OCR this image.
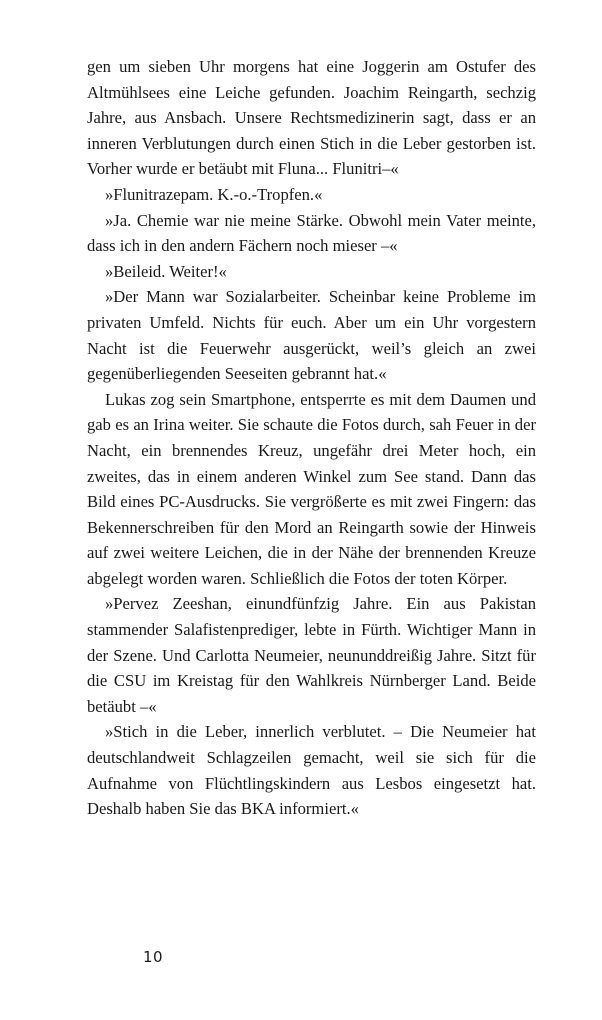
gen um sieben Uhr morgens hat eine Joggerin am Ostufer des Altmühlsees eine Leiche gefunden. Joachim Reingarth, sechzig Jahre, aus Ansbach. Unsere Rechtsmedizinerin sagt, dass er an inneren Verblutungen durch einen Stich in die Leber gestorben ist. Vorher wurde er betäubt mit Fluna... Flunitri–«

»Flunitrazepam. K.-o.-Tropfen.«

»Ja. Chemie war nie meine Stärke. Obwohl mein Vater meinte, dass ich in den andern Fächern noch mieser –«

»Beileid. Weiter!«

»Der Mann war Sozialarbeiter. Scheinbar keine Probleme im privaten Umfeld. Nichts für euch. Aber um ein Uhr vorgestern Nacht ist die Feuerwehr ausgerückt, weil’s gleich an zwei gegenüberliegenden Seeseiten gebrannt hat.«

Lukas zog sein Smartphone, entsperrte es mit dem Daumen und gab es an Irina weiter. Sie schaute die Fotos durch, sah Feuer in der Nacht, ein brennendes Kreuz, ungefähr drei Meter hoch, ein zweites, das in einem anderen Winkel zum See stand. Dann das Bild eines PC-Ausdrucks. Sie vergrößerte es mit zwei Fingern: das Bekennerschreiben für den Mord an Reingarth sowie der Hinweis auf zwei weitere Leichen, die in der Nähe der brennenden Kreuze abgelegt worden waren. Schließlich die Fotos der toten Körper.

»Pervez Zeeshan, einundfünfzig Jahre. Ein aus Pakistan stammender Salafistenprediger, lebte in Fürth. Wichtiger Mann in der Szene. Und Carlotta Neumeier, neununddreißig Jahre. Sitzt für die CSU im Kreistag für den Wahlkreis Nürnberger Land. Beide betäubt –«

»Stich in die Leber, innerlich verblutet. – Die Neumeier hat deutschlandweit Schlagzeilen gemacht, weil sie sich für die Aufnahme von Flüchtlingskindern aus Lesbos eingesetzt hat. Deshalb haben Sie das BKA informiert.«

10
